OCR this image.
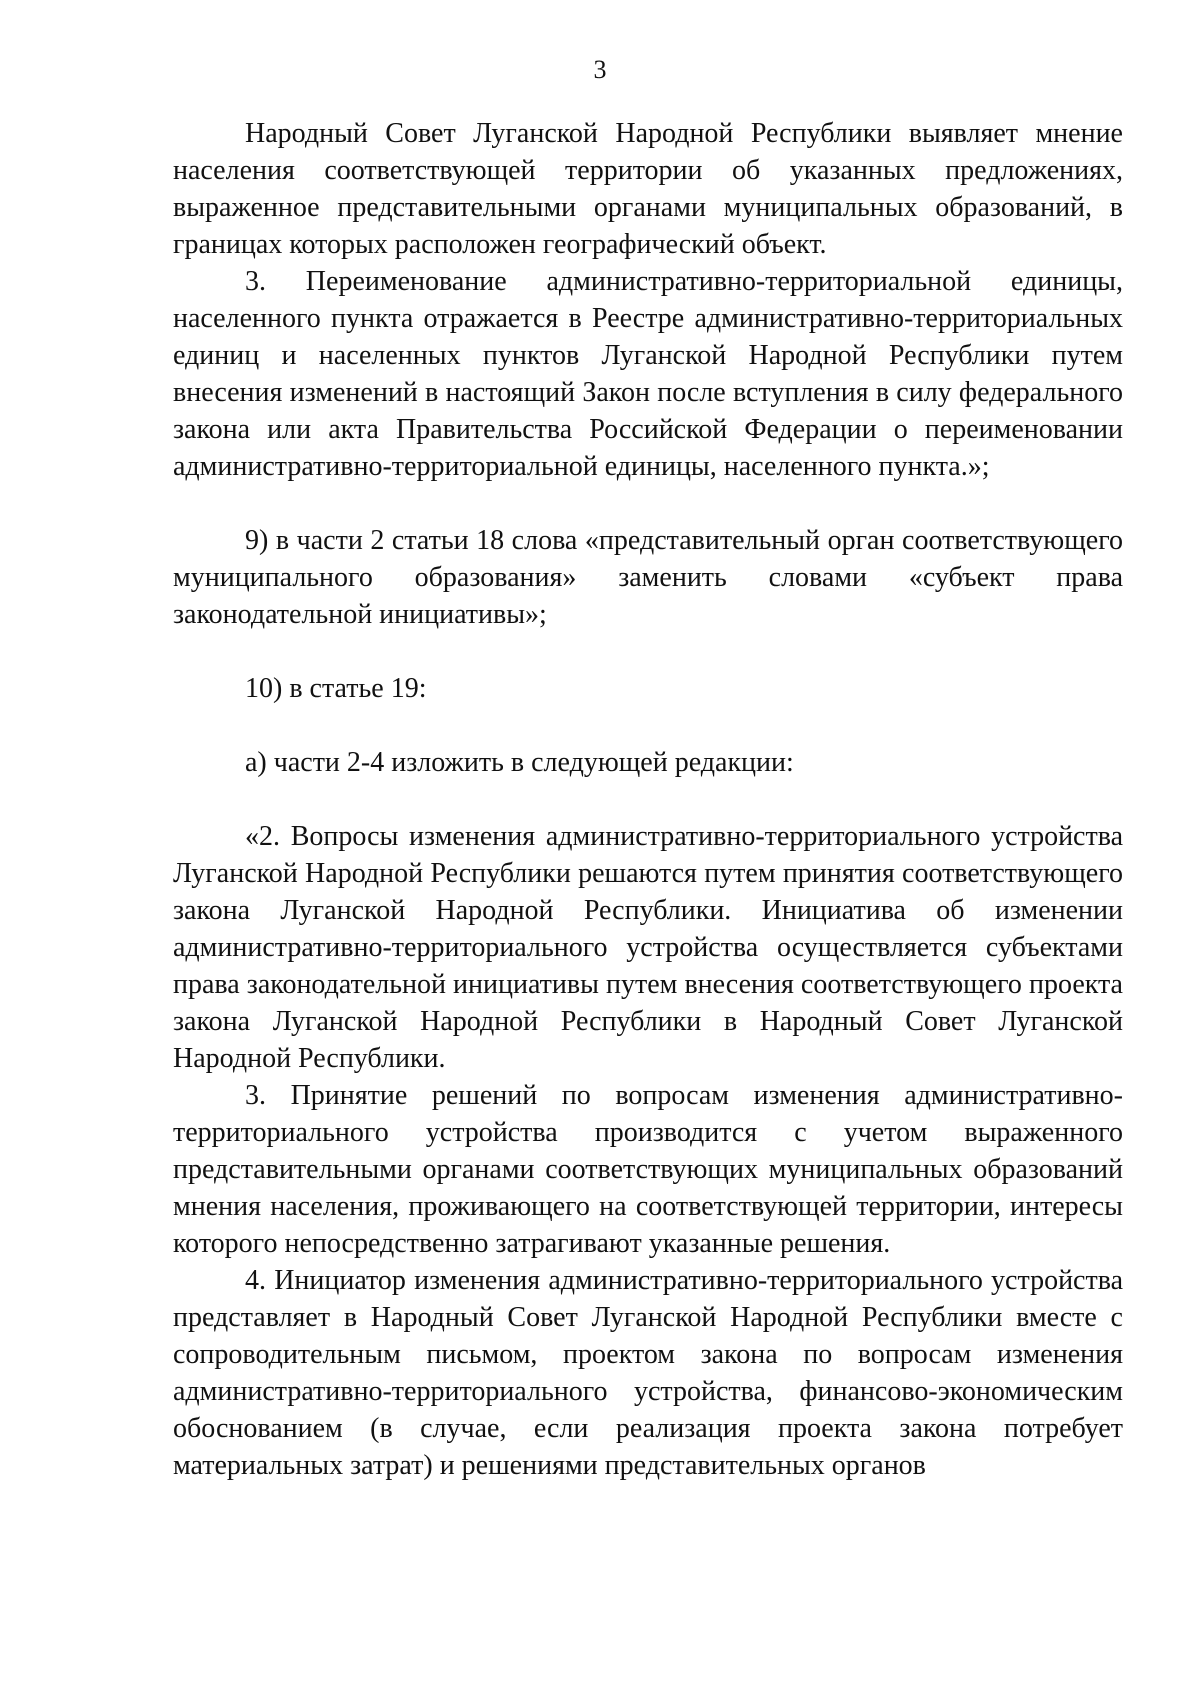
3

Народный Совет Луганской Народной Республики выявляет мнение населения соответствующей территории об указанных предложениях, выраженное представительными органами муниципальных образований, в границах которых расположен географический объект.

3. Переименование административно-территориальной единицы, населенного пункта отражается в Реестре административно-территориальных единиц и населенных пунктов Луганской Народной Республики путем внесения изменений в настоящий Закон после вступления в силу федерального закона или акта Правительства Российской Федерации о переименовании административно-территориальной единицы, населенного пункта.»;

9) в части 2 статьи 18 слова «представительный орган соответствующего муниципального образования» заменить словами «субъект права законодательной инициативы»;

10) в статье 19:

а) части 2-4 изложить в следующей редакции:

«2. Вопросы изменения административно-территориального устройства Луганской Народной Республики решаются путем принятия соответствующего закона Луганской Народной Республики. Инициатива об изменении административно-территориального устройства осуществляется субъектами права законодательной инициативы путем внесения соответствующего проекта закона Луганской Народной Республики в Народный Совет Луганской Народной Республики.

3. Принятие решений по вопросам изменения административно-территориального устройства производится с учетом выраженного представительными органами соответствующих муниципальных образований мнения населения, проживающего на соответствующей территории, интересы которого непосредственно затрагивают указанные решения.

4. Инициатор изменения административно-территориального устройства представляет в Народный Совет Луганской Народной Республики вместе с сопроводительным письмом, проектом закона по вопросам изменения административно-территориального устройства, финансово-экономическим обоснованием (в случае, если реализация проекта закона потребует материальных затрат) и решениями представительных органов
